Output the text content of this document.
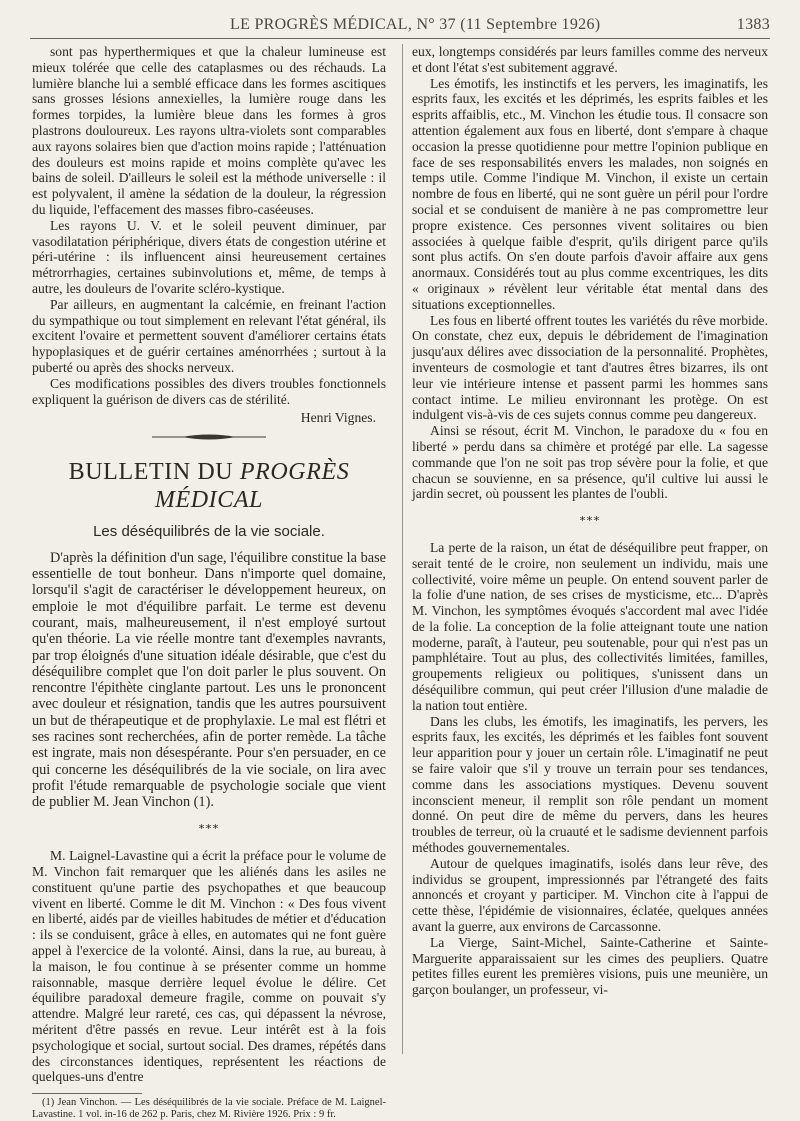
LE PROGRÈS MÉDICAL, N° 37 (11 Septembre 1926)	1383

sont pas hyperthermiques et que la chaleur lumineuse est mieux tolérée que celle des cataplasmes ou des réchauds. La lumière blanche lui a semblé efficace dans les formes ascitiques sans grosses lésions annexielles, la lumière rouge dans les formes torpides, la lumière bleue dans les formes à gros plastrons douloureux. Les rayons ultra-violets sont comparables aux rayons solaires bien que d'action moins rapide ; l'atténuation des douleurs est moins rapide et moins complète qu'avec les bains de soleil. D'ailleurs le soleil est la méthode universelle : il est polyvalent, il amène la sédation de la douleur, la régression du liquide, l'effacement des masses fibro-caséeuses.

Les rayons U. V. et le soleil peuvent diminuer, par vasodilatation périphérique, divers états de congestion utérine et péri-utérine : ils influencent ainsi heureusement certaines métrorrhagies, certaines subinvolutions et, même, de temps à autre, les douleurs de l'ovarite scléro-kystique.

Par ailleurs, en augmentant la calcémie, en freinant l'action du sympathique ou tout simplement en relevant l'état général, ils excitent l'ovaire et permettent souvent d'améliorer certains états hypoplasiques et de guérir certaines aménorrhées ; surtout à la puberté ou après des shocks nerveux.

Ces modifications possibles des divers troubles fonctionnels expliquent la guérison de divers cas de stérilité.

Henri Vignes.
BULLETIN DU PROGRÈS MÉDICAL
Les déséquilibrés de la vie sociale.

D'après la définition d'un sage, l'équilibre constitue la base essentielle de tout bonheur. Dans n'importe quel domaine, lorsqu'il s'agit de caractériser le développement heureux, on emploie le mot d'équilibre parfait. Le terme est devenu courant, mais, malheureusement, il n'est employé surtout qu'en théorie. La vie réelle montre tant d'exemples navrants, par trop éloignés d'une situation idéale désirable, que c'est du déséquilibre complet que l'on doit parler le plus souvent. On rencontre l'épithète cinglante partout. Les uns le prononcent avec douleur et résignation, tandis que les autres poursuivent un but de thérapeutique et de prophylaxie. Le mal est flétri et ses racines sont recherchées, afin de porter remède. La tâche est ingrate, mais non désespérante. Pour s'en persuader, en ce qui concerne les déséquilibrés de la vie sociale, on lira avec profit l'étude remarquable de psychologie sociale que vient de publier M. Jean Vinchon (1).

⁎⁎⁎

M. Laignel-Lavastine qui a écrit la préface pour le volume de M. Vinchon fait remarquer que les aliénés dans les asiles ne constituent qu'une partie des psychopathes et que beaucoup vivent en liberté. Comme le dit M. Vinchon : « Des fous vivent en liberté, aidés par de vieilles habitudes de métier et d'éducation : ils se conduisent, grâce à elles, en automates qui ne font guère appel à l'exercice de la volonté. Ainsi, dans la rue, au bureau, à la maison, le fou continue à se présenter comme un homme raisonnable, masque derrière lequel évolue le délire. Cet équilibre paradoxal demeure fragile, comme on pouvait s'y attendre. Malgré leur rareté, ces cas, qui dépassent la névrose, méritent d'être passés en revue. Leur intérêt est à la fois psychologique et social, surtout social. Des drames, répétés dans des circonstances identiques, représentent les réactions de quelques-uns d'entre

(1) Jean Vinchon. — Les déséquilibrés de la vie sociale. Préface de M. Laignel-Lavastine. 1 vol. in-16 de 262 p. Paris, chez M. Rivière 1926. Prix : 9 fr.

eux, longtemps considérés par leurs familles comme des nerveux et dont l'état s'est subitement aggravé.

Les émotifs, les instinctifs et les pervers, les imaginatifs, les esprits faux, les excités et les déprimés, les esprits faibles et les esprits affaiblis, etc., M. Vinchon les étudie tous. Il consacre son attention également aux fous en liberté, dont s'empare à chaque occasion la presse quotidienne pour mettre l'opinion publique en face de ses responsabilités envers les malades, non soignés en temps utile. Comme l'indique M. Vinchon, il existe un certain nombre de fous en liberté, qui ne sont guère un péril pour l'ordre social et se conduisent de manière à ne pas compromettre leur propre existence. Ces personnes vivent solitaires ou bien associées à quelque faible d'esprit, qu'ils dirigent parce qu'ils sont plus actifs. On s'en doute parfois d'avoir affaire aux gens anormaux. Considérés tout au plus comme excentriques, les dits « originaux » révèlent leur véritable état mental dans des situations exceptionnelles.

Les fous en liberté offrent toutes les variétés du rêve morbide. On constate, chez eux, depuis le débridement de l'imagination jusqu'aux délires avec dissociation de la personnalité. Prophètes, inventeurs de cosmologie et tant d'autres êtres bizarres, ils ont leur vie intérieure intense et passent parmi les hommes sans contact intime. Le milieu environnant les protège. On est indulgent vis-à-vis de ces sujets connus comme peu dangereux.

Ainsi se résout, écrit M. Vinchon, le paradoxe du « fou en liberté » perdu dans sa chimère et protégé par elle. La sagesse commande que l'on ne soit pas trop sévère pour la folie, et que chacun se souvienne, en sa présence, qu'il cultive lui aussi le jardin secret, où poussent les plantes de l'oubli.

⁎⁎⁎

La perte de la raison, un état de déséquilibre peut frapper, on serait tenté de le croire, non seulement un individu, mais une collectivité, voire même un peuple. On entend souvent parler de la folie d'une nation, de ses crises de mysticisme, etc... D'après M. Vinchon, les symptômes évoqués s'accordent mal avec l'idée de la folie. La conception de la folie atteignant toute une nation moderne, paraît, à l'auteur, peu soutenable, pour qui n'est pas un pamphlétaire. Tout au plus, des collectivités limitées, familles, groupements religieux ou politiques, s'unissent dans un déséquilibre commun, qui peut créer l'illusion d'une maladie de la nation tout entière.

Dans les clubs, les émotifs, les imaginatifs, les pervers, les esprits faux, les excités, les déprimés et les faibles font souvent leur apparition pour y jouer un certain rôle. L'imaginatif ne peut se faire valoir que s'il y trouve un terrain pour ses tendances, comme dans les associations mystiques. Devenu souvent inconscient meneur, il remplit son rôle pendant un moment donné. On peut dire de même du pervers, dans les heures troubles de terreur, où la cruauté et le sadisme deviennent parfois méthodes gouvernementales.

Autour de quelques imaginatifs, isolés dans leur rêve, des individus se groupent, impressionnés par l'étrangeté des faits annoncés et croyant y participer. M. Vinchon cite à l'appui de cette thèse, l'épidémie de visionnaires, éclatée, quelques années avant la guerre, aux environs de Carcassonne.

La Vierge, Saint-Michel, Sainte-Catherine et Sainte-Marguerite apparaissaient sur les cimes des peupliers. Quatre petites filles eurent les premières visions, puis une meunière, un garçon boulanger, un professeur, vi-
